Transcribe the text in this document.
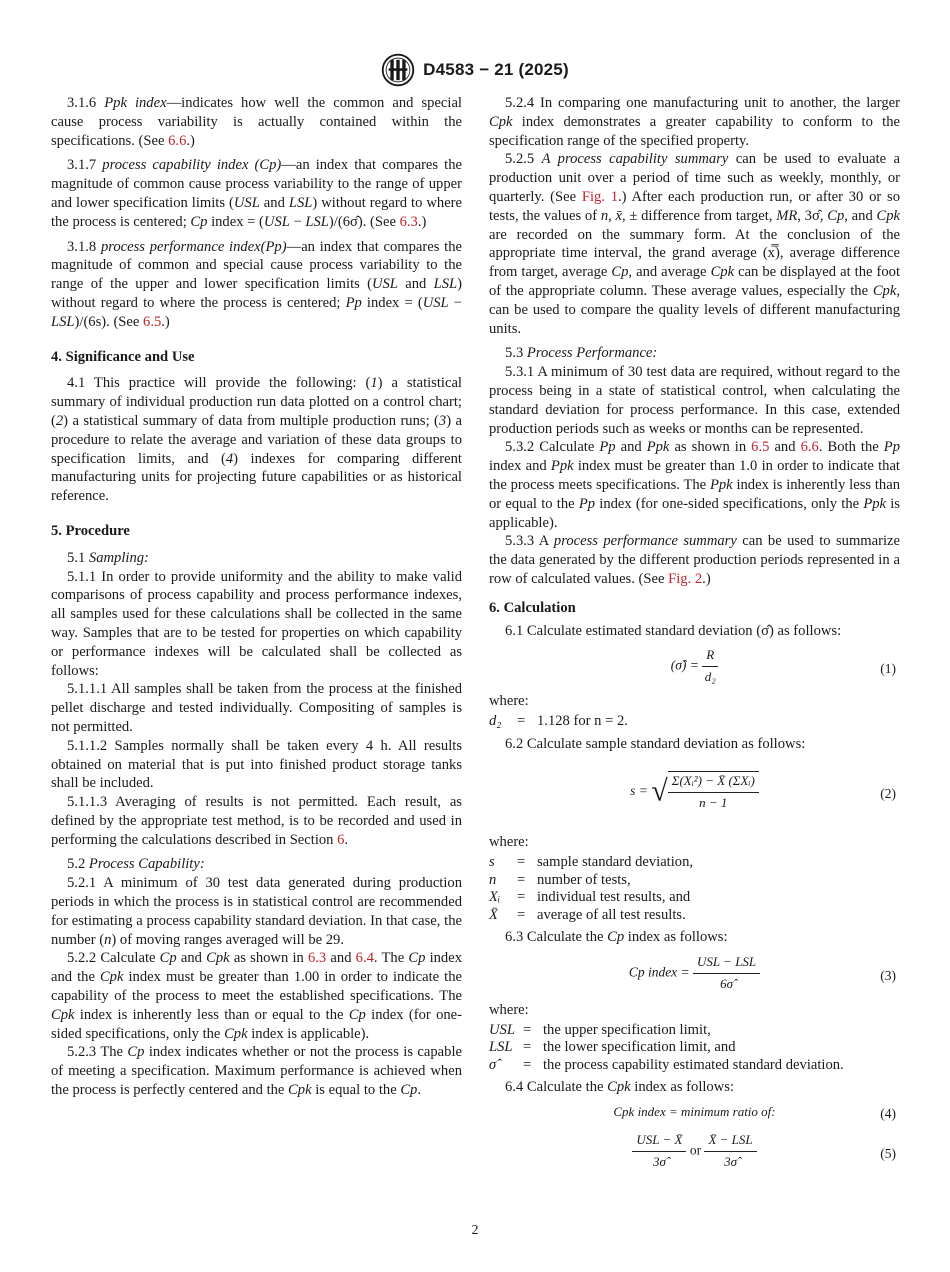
D4583 − 21 (2025)

3.1.6 Ppk index—indicates how well the common and special cause process variability is actually contained within the specifications. (See 6.6.)

3.1.7 process capability index (Cp)—an index that compares the magnitude of common cause process variability to the range of upper and lower specification limits (USL and LSL) without regard to where the process is centered; Cp index = (USL − LSL)/(6σ̂). (See 6.3.)

3.1.8 process performance index(Pp)—an index that compares the magnitude of common and special cause process variability to the range of the upper and lower specification limits (USL and LSL) without regard to where the process is centered; Pp index = (USL − LSL)/(6s). (See 6.5.)

4. Significance and Use

4.1 This practice will provide the following: (1) a statistical summary of individual production run data plotted on a control chart; (2) a statistical summary of data from multiple production runs; (3) a procedure to relate the average and variation of these data groups to specification limits, and (4) indexes for comparing different manufacturing units for projecting future capabilities or as historical reference.

5. Procedure

5.1 Sampling:

5.1.1 In order to provide uniformity and the ability to make valid comparisons of process capability and process performance indexes, all samples used for these calculations shall be collected in the same way. Samples that are to be tested for properties on which capability or performance indexes will be calculated shall be collected as follows:

5.1.1.1 All samples shall be taken from the process at the finished pellet discharge and tested individually. Compositing of samples is not permitted.

5.1.1.2 Samples normally shall be taken every 4 h. All results obtained on material that is put into finished product storage tanks shall be included.

5.1.1.3 Averaging of results is not permitted. Each result, as defined by the appropriate test method, is to be recorded and used in performing the calculations described in Section 6.

5.2 Process Capability:

5.2.1 A minimum of 30 test data generated during production periods in which the process is in statistical control are recommended for estimating a process capability standard deviation. In that case, the number (n) of moving ranges averaged will be 29.

5.2.2 Calculate Cp and Cpk as shown in 6.3 and 6.4. The Cp index and the Cpk index must be greater than 1.00 in order to indicate the capability of the process to meet the established specifications. The Cpk index is inherently less than or equal to the Cp index (for one-sided specifications, only the Cpk index is applicable).

5.2.3 The Cp index indicates whether or not the process is capable of meeting a specification. Maximum performance is achieved when the process is perfectly centered and the Cpk is equal to the Cp.

5.2.4 In comparing one manufacturing unit to another, the larger Cpk index demonstrates a greater capability to conform to the specification range of the specified property.

5.2.5 A process capability summary can be used to evaluate a production unit over a period of time such as weekly, monthly, or quarterly. (See Fig. 1.) After each production run, or after 30 or so tests, the values of n, x̄, ± difference from target, MR, 3σ̂, Cp, and Cpk are recorded on the summary form. At the conclusion of the appropriate time interval, the grand average (x̿), average difference from target, average Cp, and average Cpk can be displayed at the foot of the appropriate column. These average values, especially the Cpk, can be used to compare the quality levels of different manufacturing units.

5.3 Process Performance:

5.3.1 A minimum of 30 test data are required, without regard to the process being in a state of statistical control, when calculating the standard deviation for process performance. In this case, extended production periods such as weeks or months can be represented.

5.3.2 Calculate Pp and Ppk as shown in 6.5 and 6.6. Both the Pp index and Ppk index must be greater than 1.0 in order to indicate that the process meets specifications. The Ppk index is inherently less than or equal to the Pp index (for one-sided specifications, only the Ppk is applicable).

5.3.3 A process performance summary can be used to summarize the data generated by the different production periods represented in a row of calculated values. (See Fig. 2.)

6. Calculation

6.1 Calculate estimated standard deviation (σ̂) as follows:

(σ̂) = $\frac{R}{\text{d₂}}$	(1)

where:

d₂	= 1.128 for n = 2.

6.2 Calculate sample standard deviation as follows:

s = √ $\frac{\text{Σ(Xᵢ²) − X̄ (ΣXᵢ)}}{n - 1}$	(2)

where:

s	= sample standard deviation,
n	= number of tests,
Xᵢ	= individual test results, and
X̄	= average of all test results.

6.3 Calculate the Cp index as follows:

Cp index = $\frac{\text{USL − LSL}}{6\sigmâ}$	(3)

where:

USL = the upper specification limit,
LSL = the lower specification limit, and
σ̂	= the process capability estimated standard deviation.

6.4 Calculate the Cpk index as follows:

Cpk index = minimum ratio of:	(4)
$\frac{\text{USL − X̄}}{3\sigmâ}$ or $\frac{\text{X̄ − LSL}}{3\sigmâ}$	(5)
2
